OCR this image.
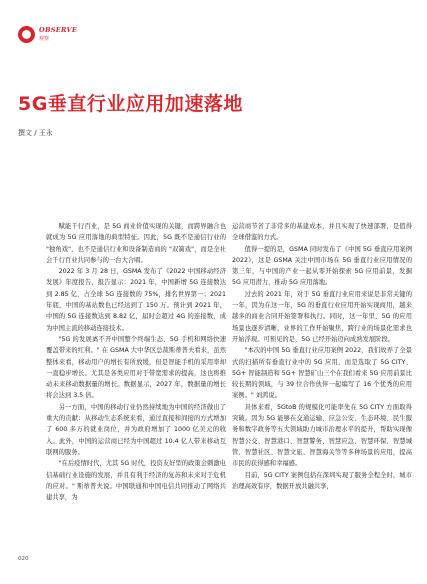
OBSERVE
观察
5G垂直行业应用加速落地
撰文 / 王永

赋能千行百业，是 5G 商业价值实现的关键，而跨界融合也就成为 5G 应用落地的典型特征。因此，5G 既不是通信行业的 "独角戏"，也不是通信行业和设备制造商的 "双簧戏"，而是全社会千行百业共同参与的一台大合唱。

2022 年 3 月 28 日，GSMA 发布了《2022 中国移动经济发展》年度报告，报告显示：2021 年，中国新增 5G 连接数达到 2.85 亿，占全球 5G 连接数的 75%，排名世界第一；2021 年底，中国的基站数也已经达到了 150 万。预计到 2021 年，中国的 5G 连接数达到 8.82 亿，届时会超过 4G 的连接数，成为中国主流的移动连接技术。

"5G 的发展离不开中国整个终端生态、5G 手机和网络快速覆盖带来的红利。" 在 GSMA 大中华区总裁斯蒂普夫看来，虽然整体来看，移动用户的增长有所放缓，但是智能手机的采用率却一直稳步增长。尤其是各类应用对于带宽需求的提高，这也将推动未来移动数据量的增长。数据显示，2027 年，数据量的增长将会达到 3.5 倍。

另一方面，中国的移动行业仍然持续地为中国的经济做出了重大的贡献：从移动生态系统来看，通过直接和间接的方式增加了 600 多万的就业岗位，并为政府增加了 1000 亿美元的收入。此外，中国的运营商已经为中国超过 10.4 亿人带来移动互联网的服务。

"在后疫情时代，尤其 5G 时代，投资友好型的政策会刺激电信基础行业设施的发展，并且有利于经济的复苏和未来对于危机的应对。" 斯蒂普夫说。中国联通和中国电信共同推动了网络共建共享，为

运营商节省了非常多的基建成本，并且实现了快速部署，是值得全球借鉴的方式。

值得一提的是，GSMA 同时发布了《中国 5G 垂直应用案例 2022》，这是 GSMA 关注中国市场在 5G 垂直行业应用情况的第三年，与中国的产业一起从零开始探索 5G 应用前景，发掘 5G 应用潜力，推动 5G 应用落地。

过去的 2021 年，对于 5G 垂直行业应用来说是非常关键的一年，因为在这一年，5G 的垂直行业应用开始实现商用，越来越多的商业合同开始签署和执行。同时，这一年里，5G 的应用场景也逐步清晰，业界的工作开始聚焦，跨行业的场景化需求也开始浮现。可预见的是，5G 已经开始迈向成熟发展阶段。

"本次的中国 5G 垂直行业应用案例 2022，我们故弄了全景式的扫描所有垂直行业中的 5G 应用，而是选取了 5G CITY、5G+ 智能制造和 5G+ 智慧矿山三个在我们看来 5G 应用前景比较长期的领域，与 39 位合作伙伴一起编写了 16 个优秀的应用案例。" 刘鸿说。

具体来看，5GtoB 的规模化可能率先在 5G CITY 方面取得突破。因为 5G 能够在交通运输、应急公安、生态环境、民生服务和数字政务等五大领域助力城市治理水平的提升，帮助实现像智慧公交、智慧港口、智慧警务、智慧应急、智慧环保、智慧城管、智慧社区、智慧文旅、智慧海关等等多种场景的应用，提高市民的获得感和幸福感。

目前，5G CITY 案例包括在深圳实现了服务全程全时，城市治理高效有序，数据开放共融共享，

020
